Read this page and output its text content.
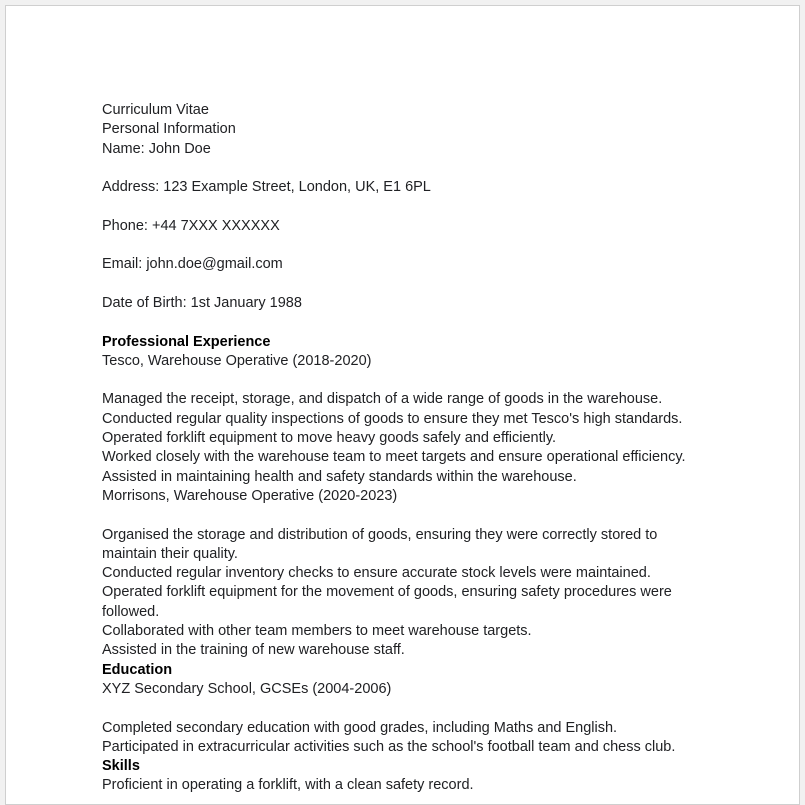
Curriculum Vitae
Personal Information
Name: John Doe
Address: 123 Example Street, London, UK, E1 6PL
Phone: +44 7XXX XXXXXX
Email: john.doe@gmail.com
Date of Birth: 1st January 1988
Professional Experience
Tesco, Warehouse Operative (2018-2020)
Managed the receipt, storage, and dispatch of a wide range of goods in the warehouse.
Conducted regular quality inspections of goods to ensure they met Tesco's high standards.
Operated forklift equipment to move heavy goods safely and efficiently.
Worked closely with the warehouse team to meet targets and ensure operational efficiency.
Assisted in maintaining health and safety standards within the warehouse.
Morrisons, Warehouse Operative (2020-2023)
Organised the storage and distribution of goods, ensuring they were correctly stored to
maintain their quality.
Conducted regular inventory checks to ensure accurate stock levels were maintained.
Operated forklift equipment for the movement of goods, ensuring safety procedures were
followed.
Collaborated with other team members to meet warehouse targets.
Assisted in the training of new warehouse staff.
Education
XYZ Secondary School, GCSEs (2004-2006)
Completed secondary education with good grades, including Maths and English.
Participated in extracurricular activities such as the school's football team and chess club.
Skills
Proficient in operating a forklift, with a clean safety record.
